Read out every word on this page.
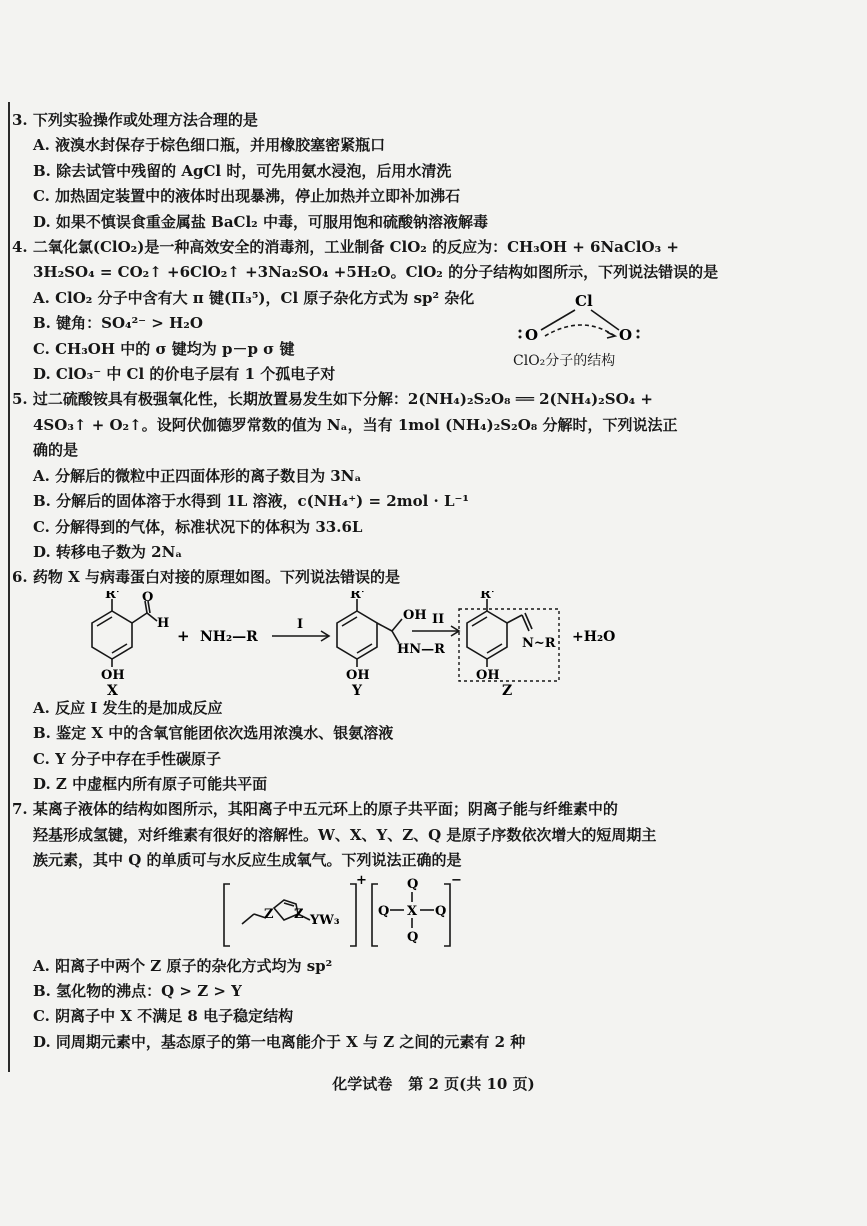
3. 下列实验操作或处理方法合理的是
A. 液溴水封保存于棕色细口瓶，并用橡胶塞密紧瓶口
B. 除去试管中残留的 AgCl 时，可先用氨水浸泡，后用水清洗
C. 加热固定装置中的液体时出现暴沸，停止加热并立即补加沸石
D. 如果不慎误食重金属盐 BaCl₂ 中毒，可服用饱和硫酸钠溶液解毒
4. 二氧化氯(ClO₂)是一种高效安全的消毒剂，工业制备 ClO₂ 的反应为：CH₃OH + 6NaClO₃ +
3H₂SO₄ = CO₂↑ +6ClO₂↑ +3Na₂SO₄ +5H₂O。ClO₂ 的分子结构如图所示，下列说法错误的是
A. ClO₂ 分子中含有大 π 键(Π₃⁵)，Cl 原子杂化方式为 sp² 杂化
B. 键角：SO₄²⁻ > H₂O
C. CH₃OH 中的 σ 键均为 p－p σ 键
D. ClO₃⁻ 中 Cl 的价电子层有 1 个孤电子对
5. 过二硫酸铵具有极强氧化性，长期放置易发生如下分解：2(NH₄)₂S₂O₈ ══ 2(NH₄)₂SO₄ +
4SO₃↑ + O₂↑。设阿伏伽德罗常数的值为 Nₐ，当有 1mol (NH₄)₂S₂O₈ 分解时，下列说法正
确的是
A. 分解后的微粒中正四面体形的离子数目为 3Nₐ
B. 分解后的固体溶于水得到 1L 溶液，c(NH₄⁺) = 2mol · L⁻¹
C. 分解得到的气体，标准状况下的体积为 33.6L
D. 转移电子数为 2Nₐ
6. 药物 X 与病毒蛋白对接的原理如图。下列说法错误的是
R' O
H
OH
X
+ NH₂—R
I
R'
OH
HN—R
OH
Y
II
R'
N~R
OH
Z
+H₂O
A. 反应 I 发生的是加成反应
B. 鉴定 X 中的含氧官能团依次选用浓溴水、银氨溶液
C. Y 分子中存在手性碳原子
D. Z 中虚框内所有原子可能共平面
7. 某离子液体的结构如图所示，其阳离子中五元环上的原子共平面；阴离子能与纤维素中的
羟基形成氢键，对纤维素有很好的溶解性。W、X、Y、Z、Q 是原子序数依次增大的短周期主
族元素，其中 Q 的单质可与水反应生成氧气。下列说法正确的是
Z Z YW₃
+	Q
Q X Q
Q
−
A. 阳离子中两个 Z 原子的杂化方式均为 sp²
B. 氢化物的沸点：Q > Z > Y
C. 阴离子中 X 不满足 8 电子稳定结构
D. 同周期元素中，基态原子的第一电离能介于 X 与 Z 之间的元素有 2 种
Cl
O	O
ClO₂分子的结构
化学试卷 第 2 页(共 10 页)
